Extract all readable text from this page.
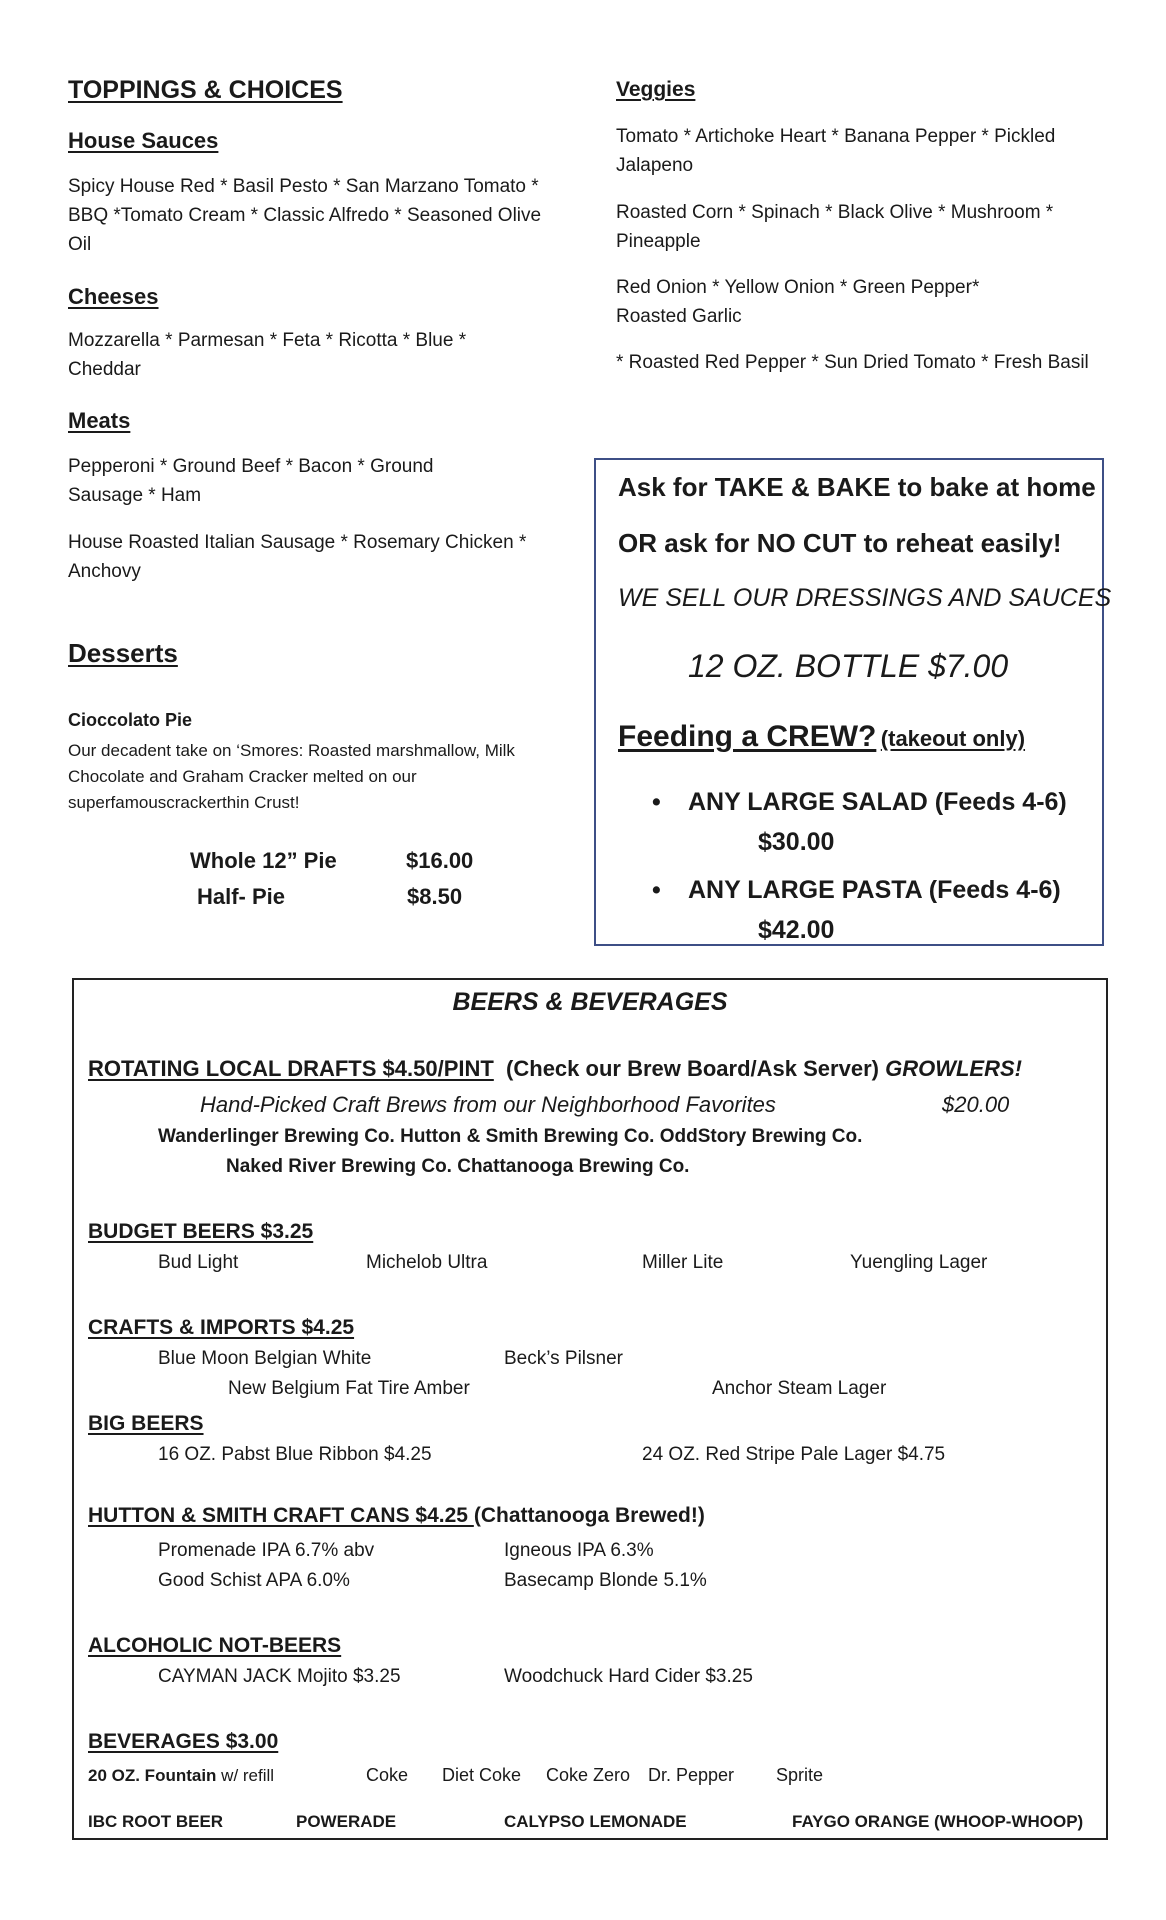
TOPPINGS & CHOICES
House Sauces
Spicy House Red * Basil Pesto * San Marzano Tomato * BBQ *Tomato Cream * Classic Alfredo * Seasoned Olive Oil
Cheeses
Mozzarella * Parmesan * Feta * Ricotta * Blue * Cheddar
Meats
Pepperoni * Ground Beef * Bacon * Ground Sausage * Ham
House Roasted Italian Sausage * Rosemary Chicken * Anchovy
Desserts
Cioccolato Pie
Our decadent take on ‘Smores: Roasted marshmallow, Milk Chocolate and Graham Cracker melted on our superfamouscrackerthin Crust!
Whole 12” Pie	$16.00
Half- Pie	$8.50
Veggies
Tomato * Artichoke Heart * Banana Pepper * Pickled Jalapeno
Roasted Corn * Spinach * Black Olive * Mushroom * Pineapple
Red Onion * Yellow Onion * Green Pepper* Roasted Garlic
* Roasted Red Pepper * Sun Dried Tomato * Fresh Basil
Ask for TAKE & BAKE to bake at home
OR ask for NO CUT to reheat easily!
WE SELL OUR DRESSINGS AND SAUCES
12 OZ. BOTTLE $7.00
Feeding a CREW? (takeout only)
• ANY LARGE SALAD (Feeds 4-6)
$30.00
• ANY LARGE PASTA (Feeds 4-6)
$42.00
BEERS & BEVERAGES
ROTATING LOCAL DRAFTS $4.50/PINT (Check our Brew Board/Ask Server) GROWLERS!
Hand-Picked Craft Brews from our Neighborhood Favorites	$20.00
Wanderlinger Brewing Co. Hutton & Smith Brewing Co. OddStory Brewing Co.
Naked River Brewing Co. Chattanooga Brewing Co.
BUDGET BEERS $3.25
Bud Light	Michelob Ultra	Miller Lite	Yuengling Lager
CRAFTS & IMPORTS $4.25
Blue Moon Belgian White	Beck’s Pilsner
New Belgium Fat Tire Amber	Anchor Steam Lager
BIG BEERS
16 OZ. Pabst Blue Ribbon $4.25	24 OZ. Red Stripe Pale Lager $4.75
HUTTON & SMITH CRAFT CANS $4.25 (Chattanooga Brewed!)
Promenade IPA 6.7% abv	Igneous IPA 6.3%
Good Schist APA 6.0%	Basecamp Blonde 5.1%
ALCOHOLIC NOT-BEERS
CAYMAN JACK Mojito $3.25	Woodchuck Hard Cider $3.25
BEVERAGES $3.00
20 OZ. Fountain w/ refill	Coke Diet Coke Coke Zero Dr. Pepper Sprite
IBC ROOT BEER	POWERADE	CALYPSO LEMONADE	FAYGO ORANGE (WHOOP-WHOOP)
